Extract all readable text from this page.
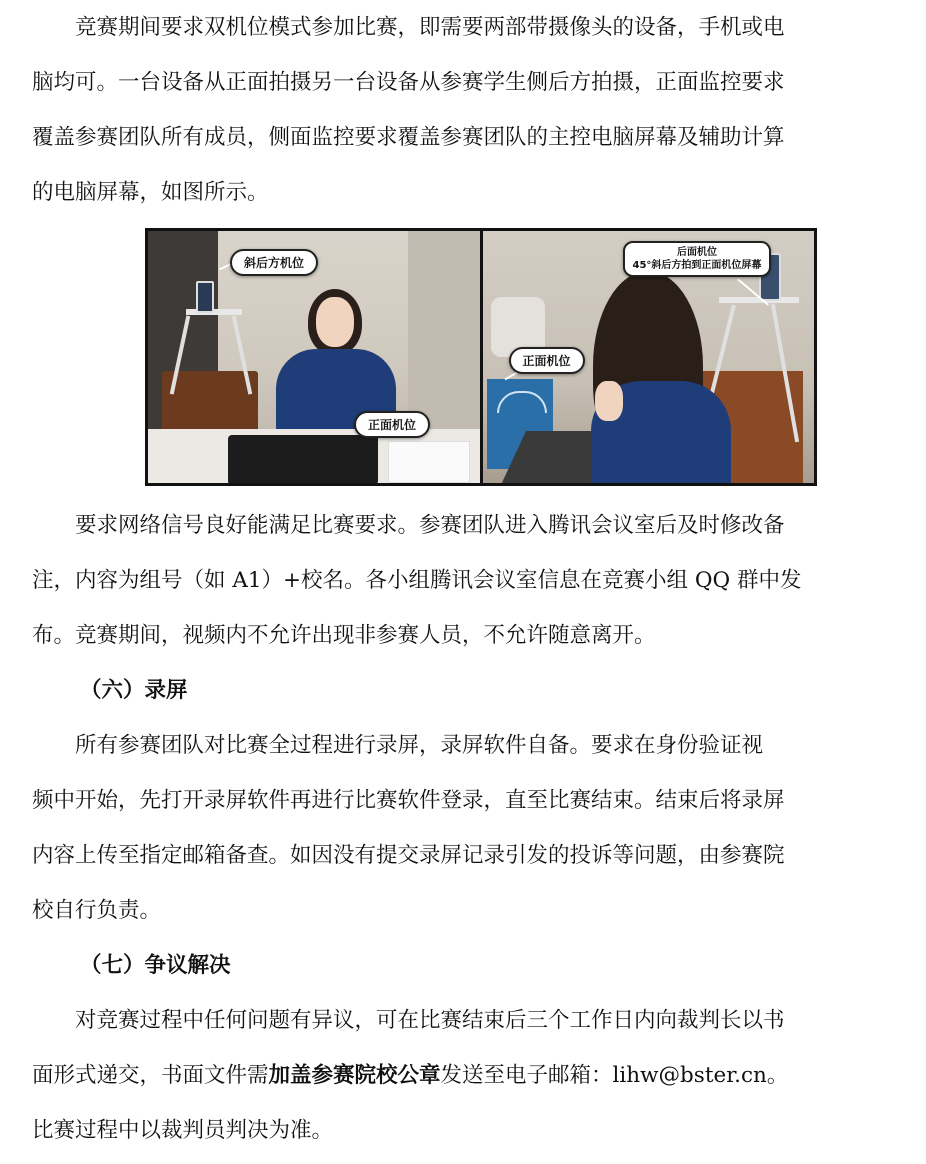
　　竞赛期间要求双机位模式参加比赛，即需要两部带摄像头的设备，手机或电
脑均可。一台设备从正面拍摄另一台设备从参赛学生侧后方拍摄，正面监控要求
覆盖参赛团队所有成员，侧面监控要求覆盖参赛团队的主控电脑屏幕及辅助计算
的电脑屏幕，如图所示。

斜后方机位
正面机位
后面机位
45°斜后方拍到正面机位屏幕
正面机位

　　要求网络信号良好能满足比赛要求。参赛团队进入腾讯会议室后及时修改备
注，内容为组号（如 A1）+校名。各小组腾讯会议室信息在竞赛小组 QQ 群中发
布。竞赛期间，视频内不允许出现非参赛人员，不允许随意离开。

（六）录屏

　　所有参赛团队对比赛全过程进行录屏，录屏软件自备。要求在身份验证视
频中开始，先打开录屏软件再进行比赛软件登录，直至比赛结束。结束后将录屏
内容上传至指定邮箱备查。如因没有提交录屏记录引发的投诉等问题，由参赛院
校自行负责。

（七）争议解决

　　对竞赛过程中任何问题有异议，可在比赛结束后三个工作日内向裁判长以书
面形式递交，书面文件需加盖参赛院校公章发送至电子邮箱：lihw@bster.cn。
比赛过程中以裁判员判决为准。
